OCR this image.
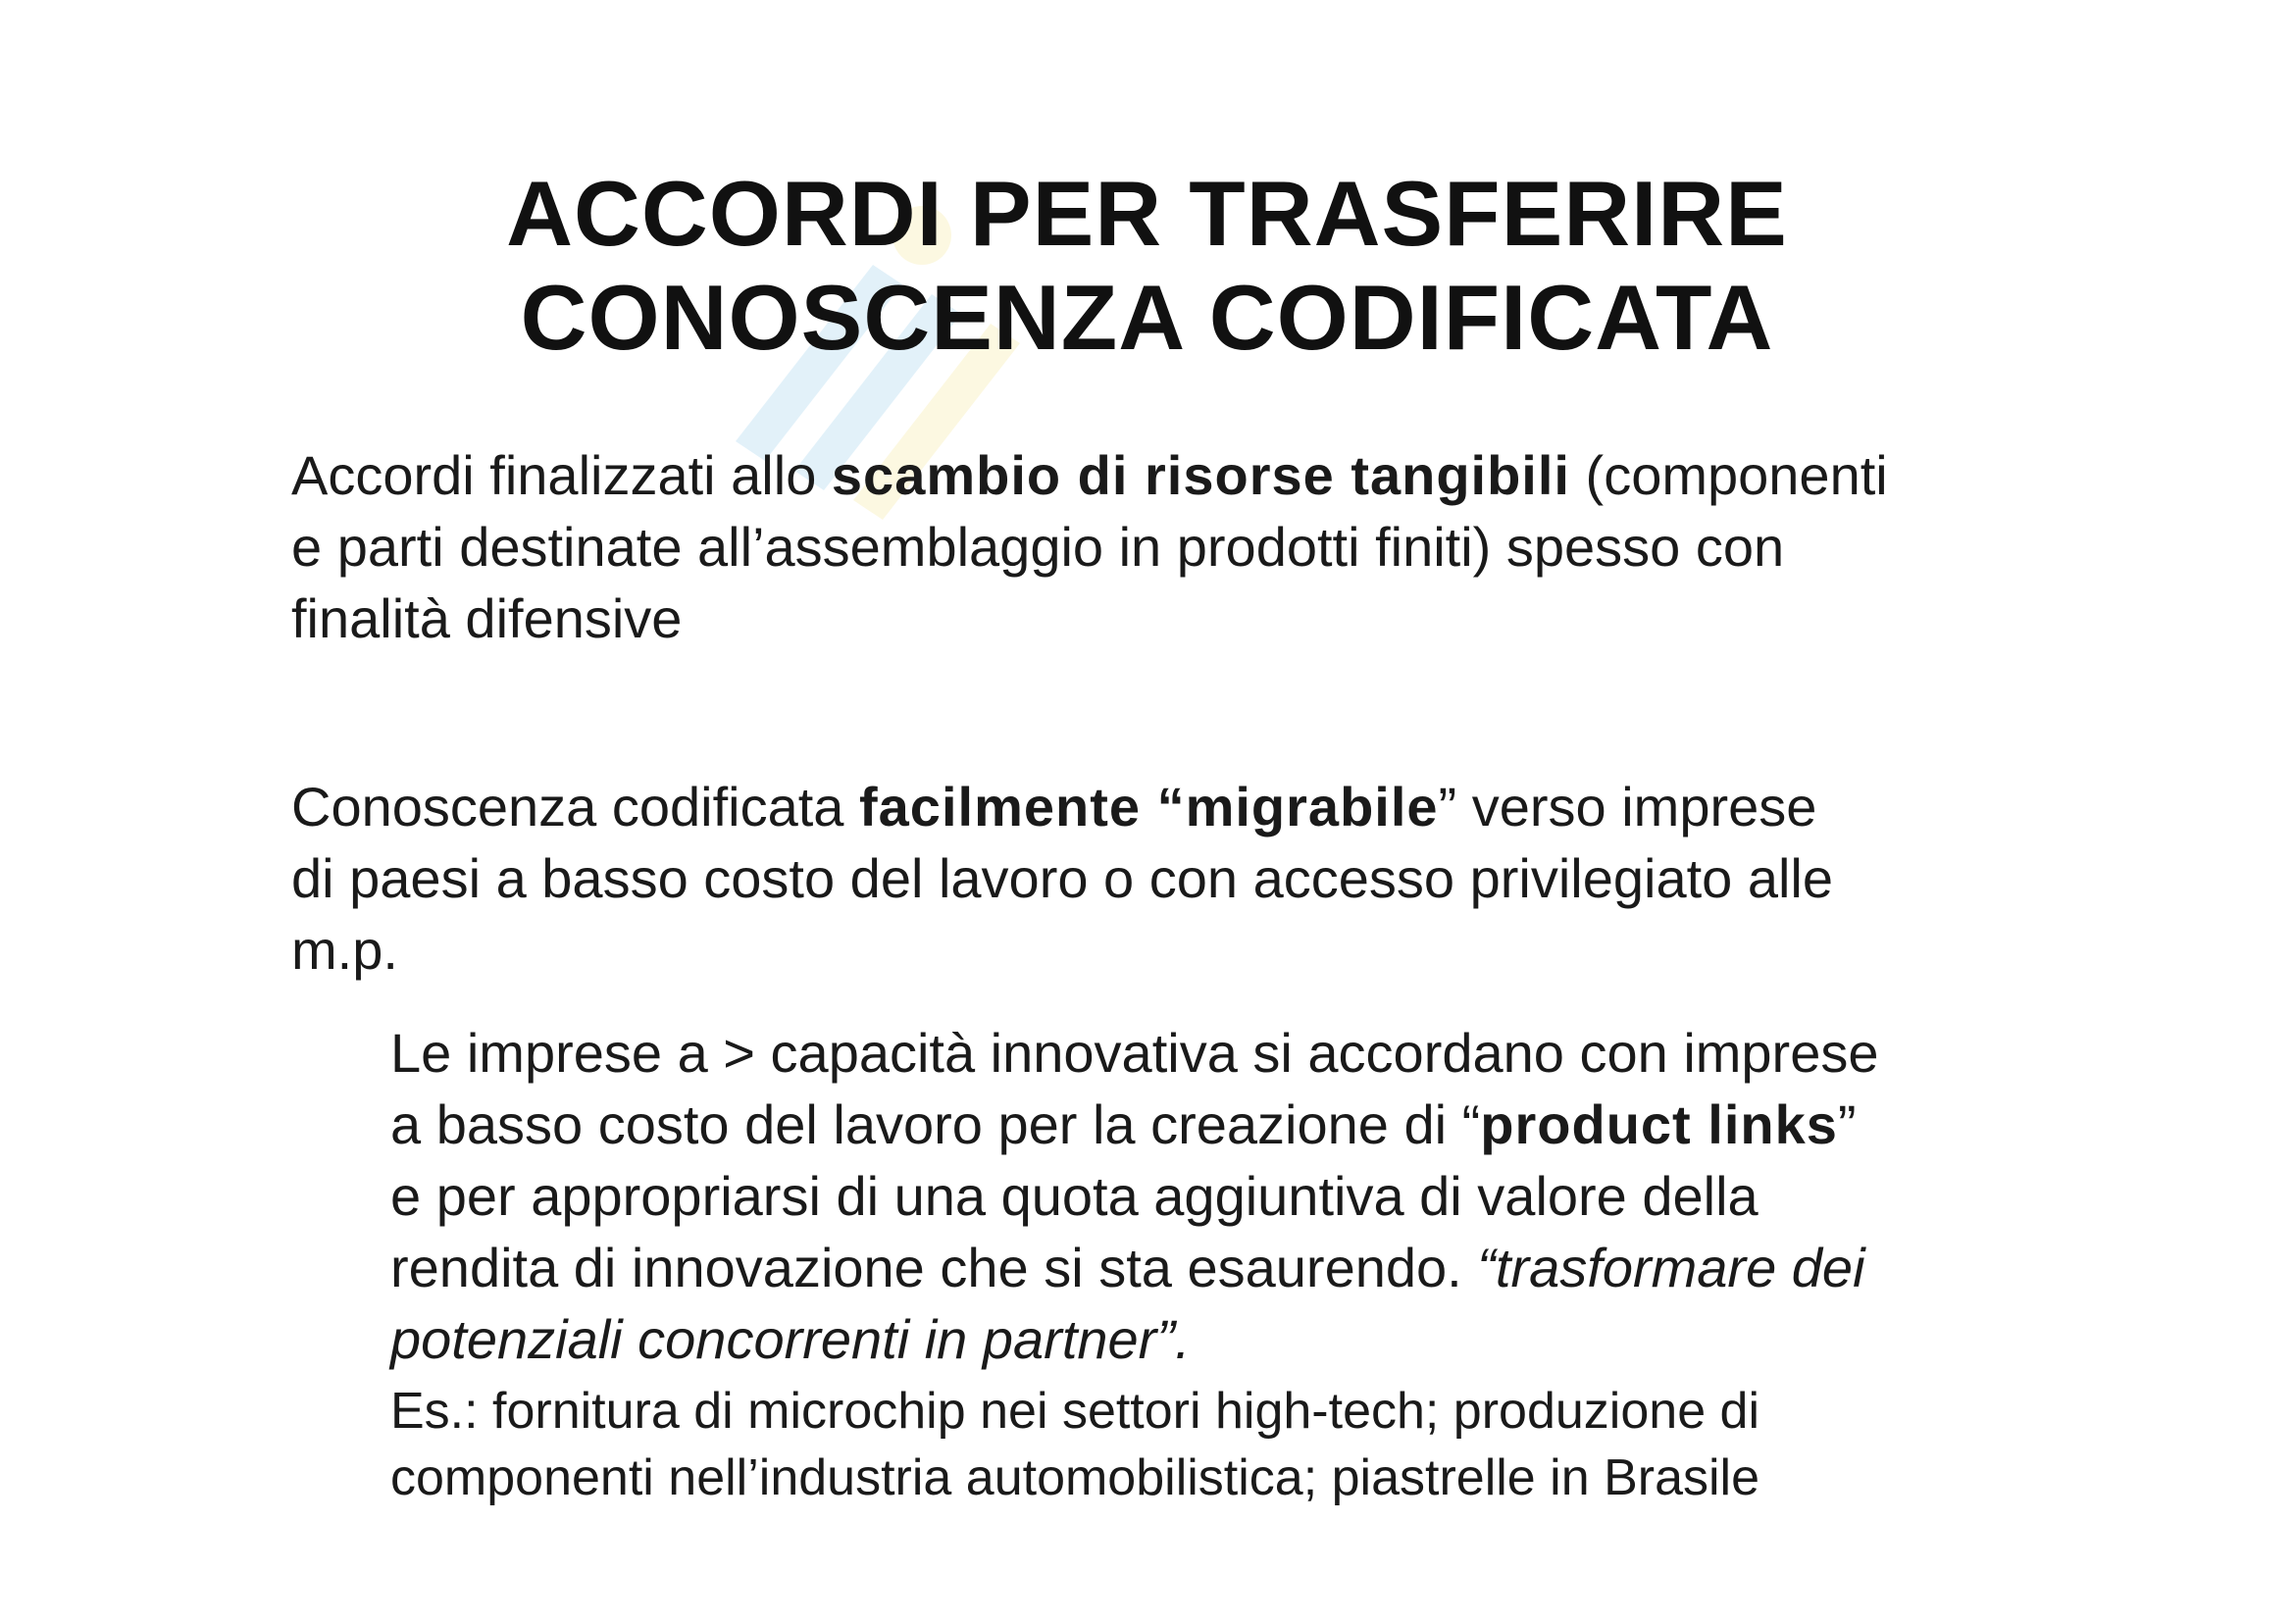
ACCORDI PER TRASFERIRE
CONOSCENZA CODIFICATA
Accordi finalizzati allo scambio di risorse tangibili (componenti
e parti destinate all’assemblaggio in prodotti finiti) spesso con
finalità difensive
Conoscenza codificata facilmente “migrabile” verso imprese
di paesi a basso costo del lavoro o con accesso privilegiato alle
m.p.
Le imprese a > capacità innovativa si accordano con imprese
a basso costo del lavoro per la creazione di “product links”
e per appropriarsi di una quota aggiuntiva di valore della
rendita di innovazione che si sta esaurendo. “trasformare dei
potenziali concorrenti in partner”.
Es.: fornitura di microchip nei settori high-tech; produzione di
componenti nell’industria automobilistica; piastrelle in Brasile
